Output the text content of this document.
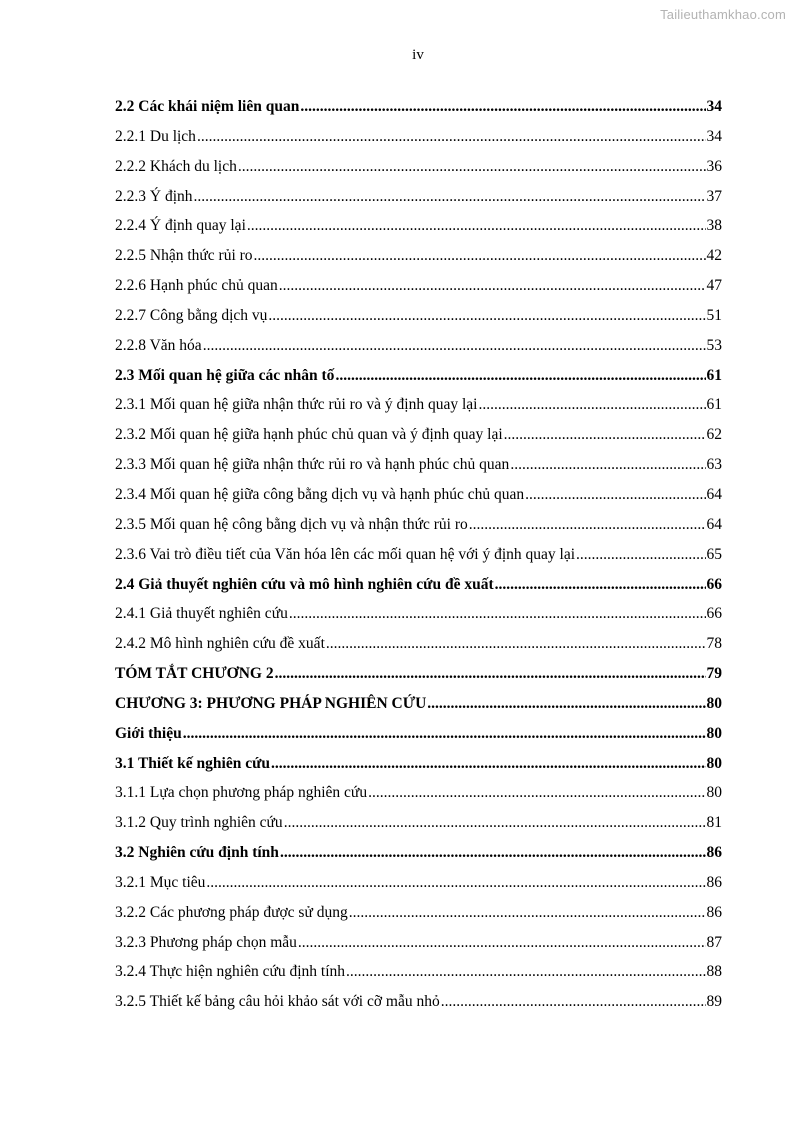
Tailieuthamkhao.com
iv
2.2 Các khái niệm liên quan .....	34
2.2.1 Du lịch .....	34
2.2.2 Khách du lịch .....	36
2.2.3 Ý định .....	37
2.2.4 Ý định quay lại .....	38
2.2.5 Nhận thức rủi ro .....	42
2.2.6 Hạnh phúc chủ quan .....	47
2.2.7 Công bằng dịch vụ .....	51
2.2.8 Văn hóa .....	53
2.3 Mối quan hệ giữa các nhân tố .....	61
2.3.1 Mối quan hệ giữa nhận thức rủi ro và ý định quay lại .....	61
2.3.2 Mối quan hệ giữa hạnh phúc chủ quan và ý định quay lại .....	62
2.3.3 Mối quan hệ giữa nhận thức rủi ro và hạnh phúc chủ quan .....	63
2.3.4 Mối quan hệ giữa công bằng dịch vụ và hạnh phúc chủ quan .....	64
2.3.5 Mối quan hệ công bằng dịch vụ và nhận thức rủi ro .....	64
2.3.6 Vai trò điều tiết của Văn hóa lên các mối quan hệ với ý định quay lại .....	65
2.4 Giả thuyết nghiên cứu và mô hình nghiên cứu đề xuất .....	66
2.4.1 Giả thuyết nghiên cứu .....	66
2.4.2 Mô hình nghiên cứu đề xuất .....	78
TÓM TẮT CHƯƠNG 2 .....	79
CHƯƠNG 3: PHƯƠNG PHÁP NGHIÊN CỨU .....	80
Giới thiệu .....	80
3.1 Thiết kế nghiên cứu .....	80
3.1.1 Lựa chọn phương pháp nghiên cứu .....	80
3.1.2 Quy trình nghiên cứu .....	81
3.2 Nghiên cứu định tính .....	86
3.2.1 Mục tiêu .....	86
3.2.2 Các phương pháp được sử dụng .....	86
3.2.3 Phương pháp chọn mẫu .....	87
3.2.4 Thực hiện nghiên cứu định tính .....	88
3.2.5 Thiết kế bảng câu hỏi khảo sát với cỡ mẫu nhỏ .....	89
